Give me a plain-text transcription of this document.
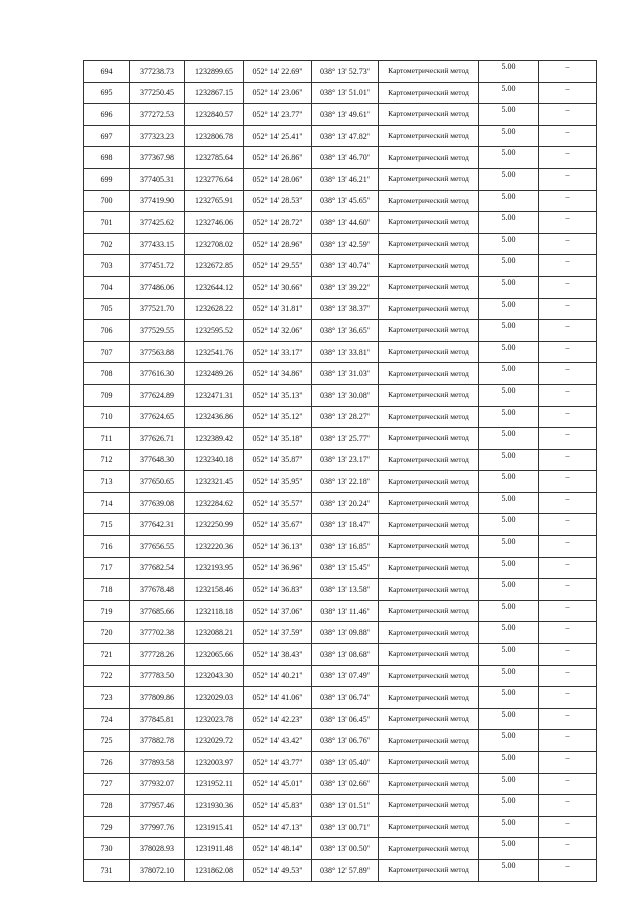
694	377238.73	1232899.65	052° 14' 22.69"	038° 13' 52.73"	Картометрический метод	5.00	–
695	377250.45	1232867.15	052° 14' 23.06"	038° 13' 51.01"	Картометрический метод	5.00	–
696	377272.53	1232840.57	052° 14' 23.77"	038° 13' 49.61"	Картометрический метод	5.00	–
697	377323.23	1232806.78	052° 14' 25.41"	038° 13' 47.82"	Картометрический метод	5.00	–
698	377367.98	1232785.64	052° 14' 26.86"	038° 13' 46.70"	Картометрический метод	5.00	–
699	377405.31	1232776.64	052° 14' 28.06"	038° 13' 46.21"	Картометрический метод	5.00	–
700	377419.90	1232765.91	052° 14' 28.53"	038° 13' 45.65"	Картометрический метод	5.00	–
701	377425.62	1232746.06	052° 14' 28.72"	038° 13' 44.60"	Картометрический метод	5.00	–
702	377433.15	1232708.02	052° 14' 28.96"	038° 13' 42.59"	Картометрический метод	5.00	–
703	377451.72	1232672.85	052° 14' 29.55"	038° 13' 40.74"	Картометрический метод	5.00	–
704	377486.06	1232644.12	052° 14' 30.66"	038° 13' 39.22"	Картометрический метод	5.00	–
705	377521.70	1232628.22	052° 14' 31.81"	038° 13' 38.37"	Картометрический метод	5.00	–
706	377529.55	1232595.52	052° 14' 32.06"	038° 13' 36.65"	Картометрический метод	5.00	–
707	377563.88	1232541.76	052° 14' 33.17"	038° 13' 33.81"	Картометрический метод	5.00	–
708	377616.30	1232489.26	052° 14' 34.86"	038° 13' 31.03"	Картометрический метод	5.00	–
709	377624.89	1232471.31	052° 14' 35.13"	038° 13' 30.08"	Картометрический метод	5.00	–
710	377624.65	1232436.86	052° 14' 35.12"	038° 13' 28.27"	Картометрический метод	5.00	–
711	377626.71	1232389.42	052° 14' 35.18"	038° 13' 25.77"	Картометрический метод	5.00	–
712	377648.30	1232340.18	052° 14' 35.87"	038° 13' 23.17"	Картометрический метод	5.00	–
713	377650.65	1232321.45	052° 14' 35.95"	038° 13' 22.18"	Картометрический метод	5.00	–
714	377639.08	1232284.62	052° 14' 35.57"	038° 13' 20.24"	Картометрический метод	5.00	–
715	377642.31	1232250.99	052° 14' 35.67"	038° 13' 18.47"	Картометрический метод	5.00	–
716	377656.55	1232220.36	052° 14' 36.13"	038° 13' 16.85"	Картометрический метод	5.00	–
717	377682.54	1232193.95	052° 14' 36.96"	038° 13' 15.45"	Картометрический метод	5.00	–
718	377678.48	1232158.46	052° 14' 36.83"	038° 13' 13.58"	Картометрический метод	5.00	–
719	377685.66	1232118.18	052° 14' 37.06"	038° 13' 11.46"	Картометрический метод	5.00	–
720	377702.38	1232088.21	052° 14' 37.59"	038° 13' 09.88"	Картометрический метод	5.00	–
721	377728.26	1232065.66	052° 14' 38.43"	038° 13' 08.68"	Картометрический метод	5.00	–
722	377783.50	1232043.30	052° 14' 40.21"	038° 13' 07.49"	Картометрический метод	5.00	–
723	377809.86	1232029.03	052° 14' 41.06"	038° 13' 06.74"	Картометрический метод	5.00	–
724	377845.81	1232023.78	052° 14' 42.23"	038° 13' 06.45"	Картометрический метод	5.00	–
725	377882.78	1232029.72	052° 14' 43.42"	038° 13' 06.76"	Картометрический метод	5.00	–
726	377893.58	1232003.97	052° 14' 43.77"	038° 13' 05.40"	Картометрический метод	5.00	–
727	377932.07	1231952.11	052° 14' 45.01"	038° 13' 02.66"	Картометрический метод	5.00	–
728	377957.46	1231930.36	052° 14' 45.83"	038° 13' 01.51"	Картометрический метод	5.00	–
729	377997.76	1231915.41	052° 14' 47.13"	038° 13' 00.71"	Картометрический метод	5.00	–
730	378028.93	1231911.48	052° 14' 48.14"	038° 13' 00.50"	Картометрический метод	5.00	–
731	378072.10	1231862.08	052° 14' 49.53"	038° 12' 57.89"	Картометрический метод	5.00	–
